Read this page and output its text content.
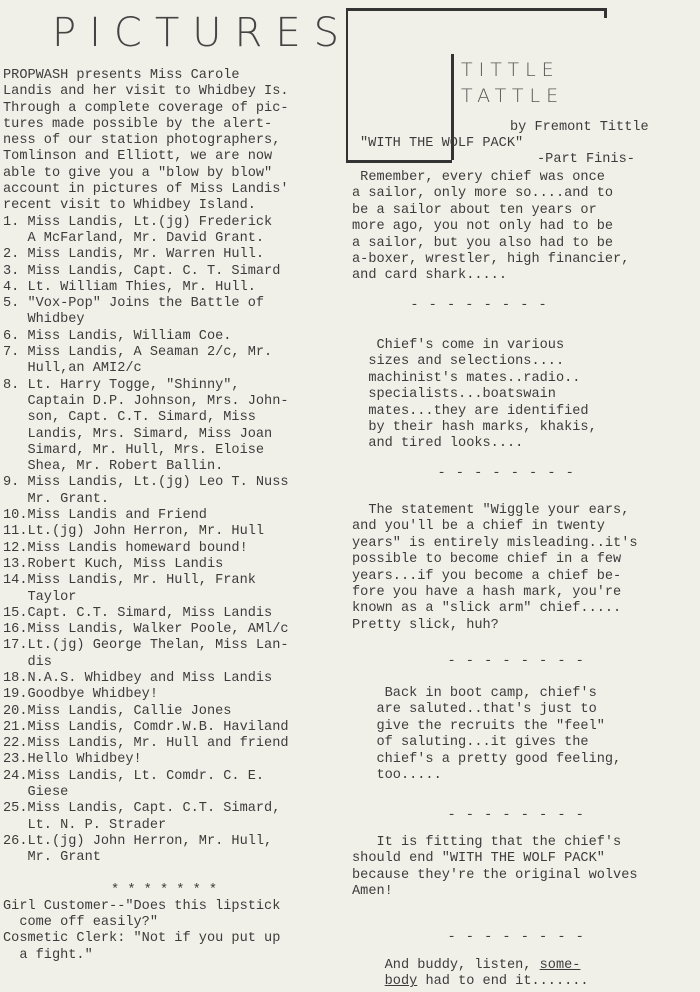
PICTURES
TITTLE
TATTLE
by Fremont Tittle
"WITH THE WOLF PACK"
-Part Finis-

PROPWASH presents Miss Carole

Landis and her visit to Whidbey Is.

Through a complete coverage of pic-

tures made possible by the alert-

ness of our station photographers,

Tomlinson and Elliott, we are now

able to give you a "blow by blow"

account in pictures of Miss Landis'

recent visit to Whidbey Island.

1. Miss Landis, Lt.(jg) Frederick

A McFarland, Mr. David Grant.

2. Miss Landis, Mr. Warren Hull.

3. Miss Landis, Capt. C. T. Simard

4. Lt. William Thies, Mr. Hull.

5. "Vox-Pop" Joins the Battle of

Whidbey

6. Miss Landis, William Coe.

7. Miss Landis, A Seaman 2/c, Mr.

Hull,an AMI2/c

8. Lt. Harry Togge, "Shinny",

Captain D.P. Johnson, Mrs. John-

son, Capt. C.T. Simard, Miss

Landis, Mrs. Simard, Miss Joan

Simard, Mr. Hull, Mrs. Eloise

Shea, Mr. Robert Ballin.

9. Miss Landis, Lt.(jg) Leo T. Nuss

Mr. Grant.

10.Miss Landis and Friend

11.Lt.(jg) John Herron, Mr. Hull

12.Miss Landis homeward bound!

13.Robert Kuch, Miss Landis

14.Miss Landis, Mr. Hull, Frank

Taylor

15.Capt. C.T. Simard, Miss Landis

16.Miss Landis, Walker Poole, AMl/c

17.Lt.(jg) George Thelan, Miss Lan-

dis

18.N.A.S. Whidbey and Miss Landis

19.Goodbye Whidbey!

20.Miss Landis, Callie Jones

21.Miss Landis, Comdr.W.B. Haviland

22.Miss Landis, Mr. Hull and friend

23.Hello Whidbey!

24.Miss Landis, Lt. Comdr. C. E.

Giese

25.Miss Landis, Capt. C.T. Simard,

Lt. N. P. Strader

26.Lt.(jg) John Herron, Mr. Hull,

Mr. Grant

* * * * * * *

Girl Customer--"Does this lipstick

come off easily?"

Cosmetic Clerk: "Not if you put up

a fight."

Remember, every chief was once

a sailor, only more so....and to

be a sailor about ten years or

more ago, you not only had to be

a sailor, but you also had to be

a-boxer, wrestler, high financier,

and card shark.....

- - - - - - - -

Chief's come in various

sizes and selections....

machinist's mates..radio..

specialists...boatswain

mates...they are identified

by their hash marks, khakis,

and tired looks....

- - - - - - - -

The statement "Wiggle your ears,

and you'll be a chief in twenty

years" is entirely misleading..it's

possible to become chief in a few

years...if you become a chief be-

fore you have a hash mark, you're

known as a "slick arm" chief.....

Pretty slick, huh?

- - - - - - - -

Back in boot camp, chief's

are saluted..that's just to

give the recruits the "feel"

of saluting...it gives the

chief's a pretty good feeling,

too.....

- - - - - - - -

It is fitting that the chief's

should end "WITH THE WOLF PACK"

because they're the original wolves

Amen!

- - - - - - - -

And buddy, listen, some-

body had to end it.......
